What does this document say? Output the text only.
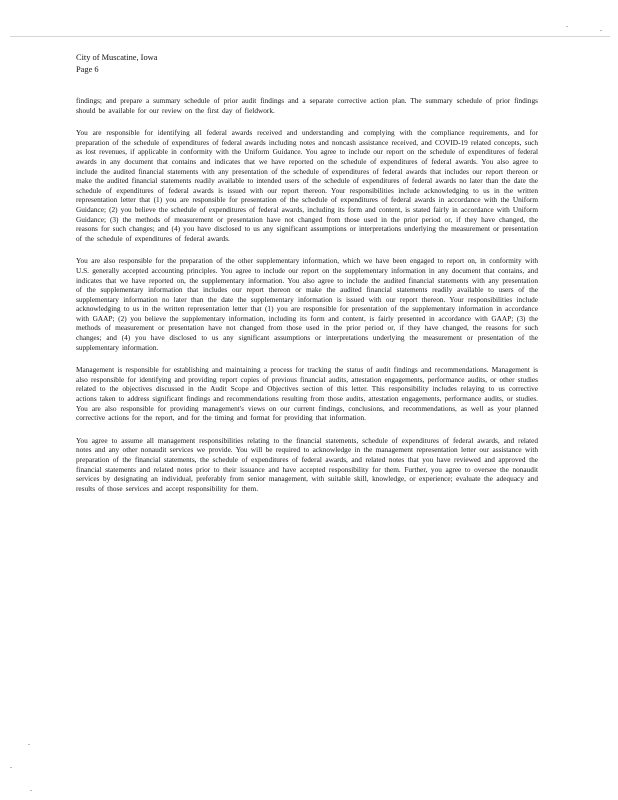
City of Muscatine, Iowa
Page 6

findings; and prepare a summary schedule of prior audit findings and a separate corrective action plan. The summary schedule of prior findings should be available for our review on the first day of fieldwork.

You are responsible for identifying all federal awards received and understanding and complying with the compliance requirements, and for preparation of the schedule of expenditures of federal awards including notes and noncash assistance received, and COVID-19 related concepts, such as lost revenues, if applicable in conformity with the Uniform Guidance. You agree to include our report on the schedule of expenditures of federal awards in any document that contains and indicates that we have reported on the schedule of expenditures of federal awards. You also agree to include the audited financial statements with any presentation of the schedule of expenditures of federal awards that includes our report thereon or make the audited financial statements readily available to intended users of the schedule of expenditures of federal awards no later than the date the schedule of expenditures of federal awards is issued with our report thereon. Your responsibilities include acknowledging to us in the written representation letter that (1) you are responsible for presentation of the schedule of expenditures of federal awards in accordance with the Uniform Guidance; (2) you believe the schedule of expenditures of federal awards, including its form and content, is stated fairly in accordance with Uniform Guidance; (3) the methods of measurement or presentation have not changed from those used in the prior period or, if they have changed, the reasons for such changes; and (4) you have disclosed to us any significant assumptions or interpretations underlying the measurement or presentation of the schedule of expenditures of federal awards.

You are also responsible for the preparation of the other supplementary information, which we have been engaged to report on, in conformity with U.S. generally accepted accounting principles. You agree to include our report on the supplementary information in any document that contains, and indicates that we have reported on, the supplementary information. You also agree to include the audited financial statements with any presentation of the supplementary information that includes our report thereon or make the audited financial statements readily available to users of the supplementary information no later than the date the supplementary information is issued with our report thereon. Your responsibilities include acknowledging to us in the written representation letter that (1) you are responsible for presentation of the supplementary information in accordance with GAAP; (2) you believe the supplementary information, including its form and content, is fairly presented in accordance with GAAP; (3) the methods of measurement or presentation have not changed from those used in the prior period or, if they have changed, the reasons for such changes; and (4) you have disclosed to us any significant assumptions or interpretations underlying the measurement or presentation of the supplementary information.

Management is responsible for establishing and maintaining a process for tracking the status of audit findings and recommendations. Management is also responsible for identifying and providing report copies of previous financial audits, attestation engagements, performance audits, or other studies related to the objectives discussed in the Audit Scope and Objectives section of this letter. This responsibility includes relaying to us corrective actions taken to address significant findings and recommendations resulting from those audits, attestation engagements, performance audits, or studies. You are also responsible for providing management's views on our current findings, conclusions, and recommendations, as well as your planned corrective actions for the report, and for the timing and format for providing that information.

You agree to assume all management responsibilities relating to the financial statements, schedule of expenditures of federal awards, and related notes and any other nonaudit services we provide. You will be required to acknowledge in the management representation letter our assistance with preparation of the financial statements, the schedule of expenditures of federal awards, and related notes that you have reviewed and approved the financial statements and related notes prior to their issuance and have accepted responsibility for them. Further, you agree to oversee the nonaudit services by designating an individual, preferably from senior management, with suitable skill, knowledge, or experience; evaluate the adequacy and results of those services and accept responsibility for them.
